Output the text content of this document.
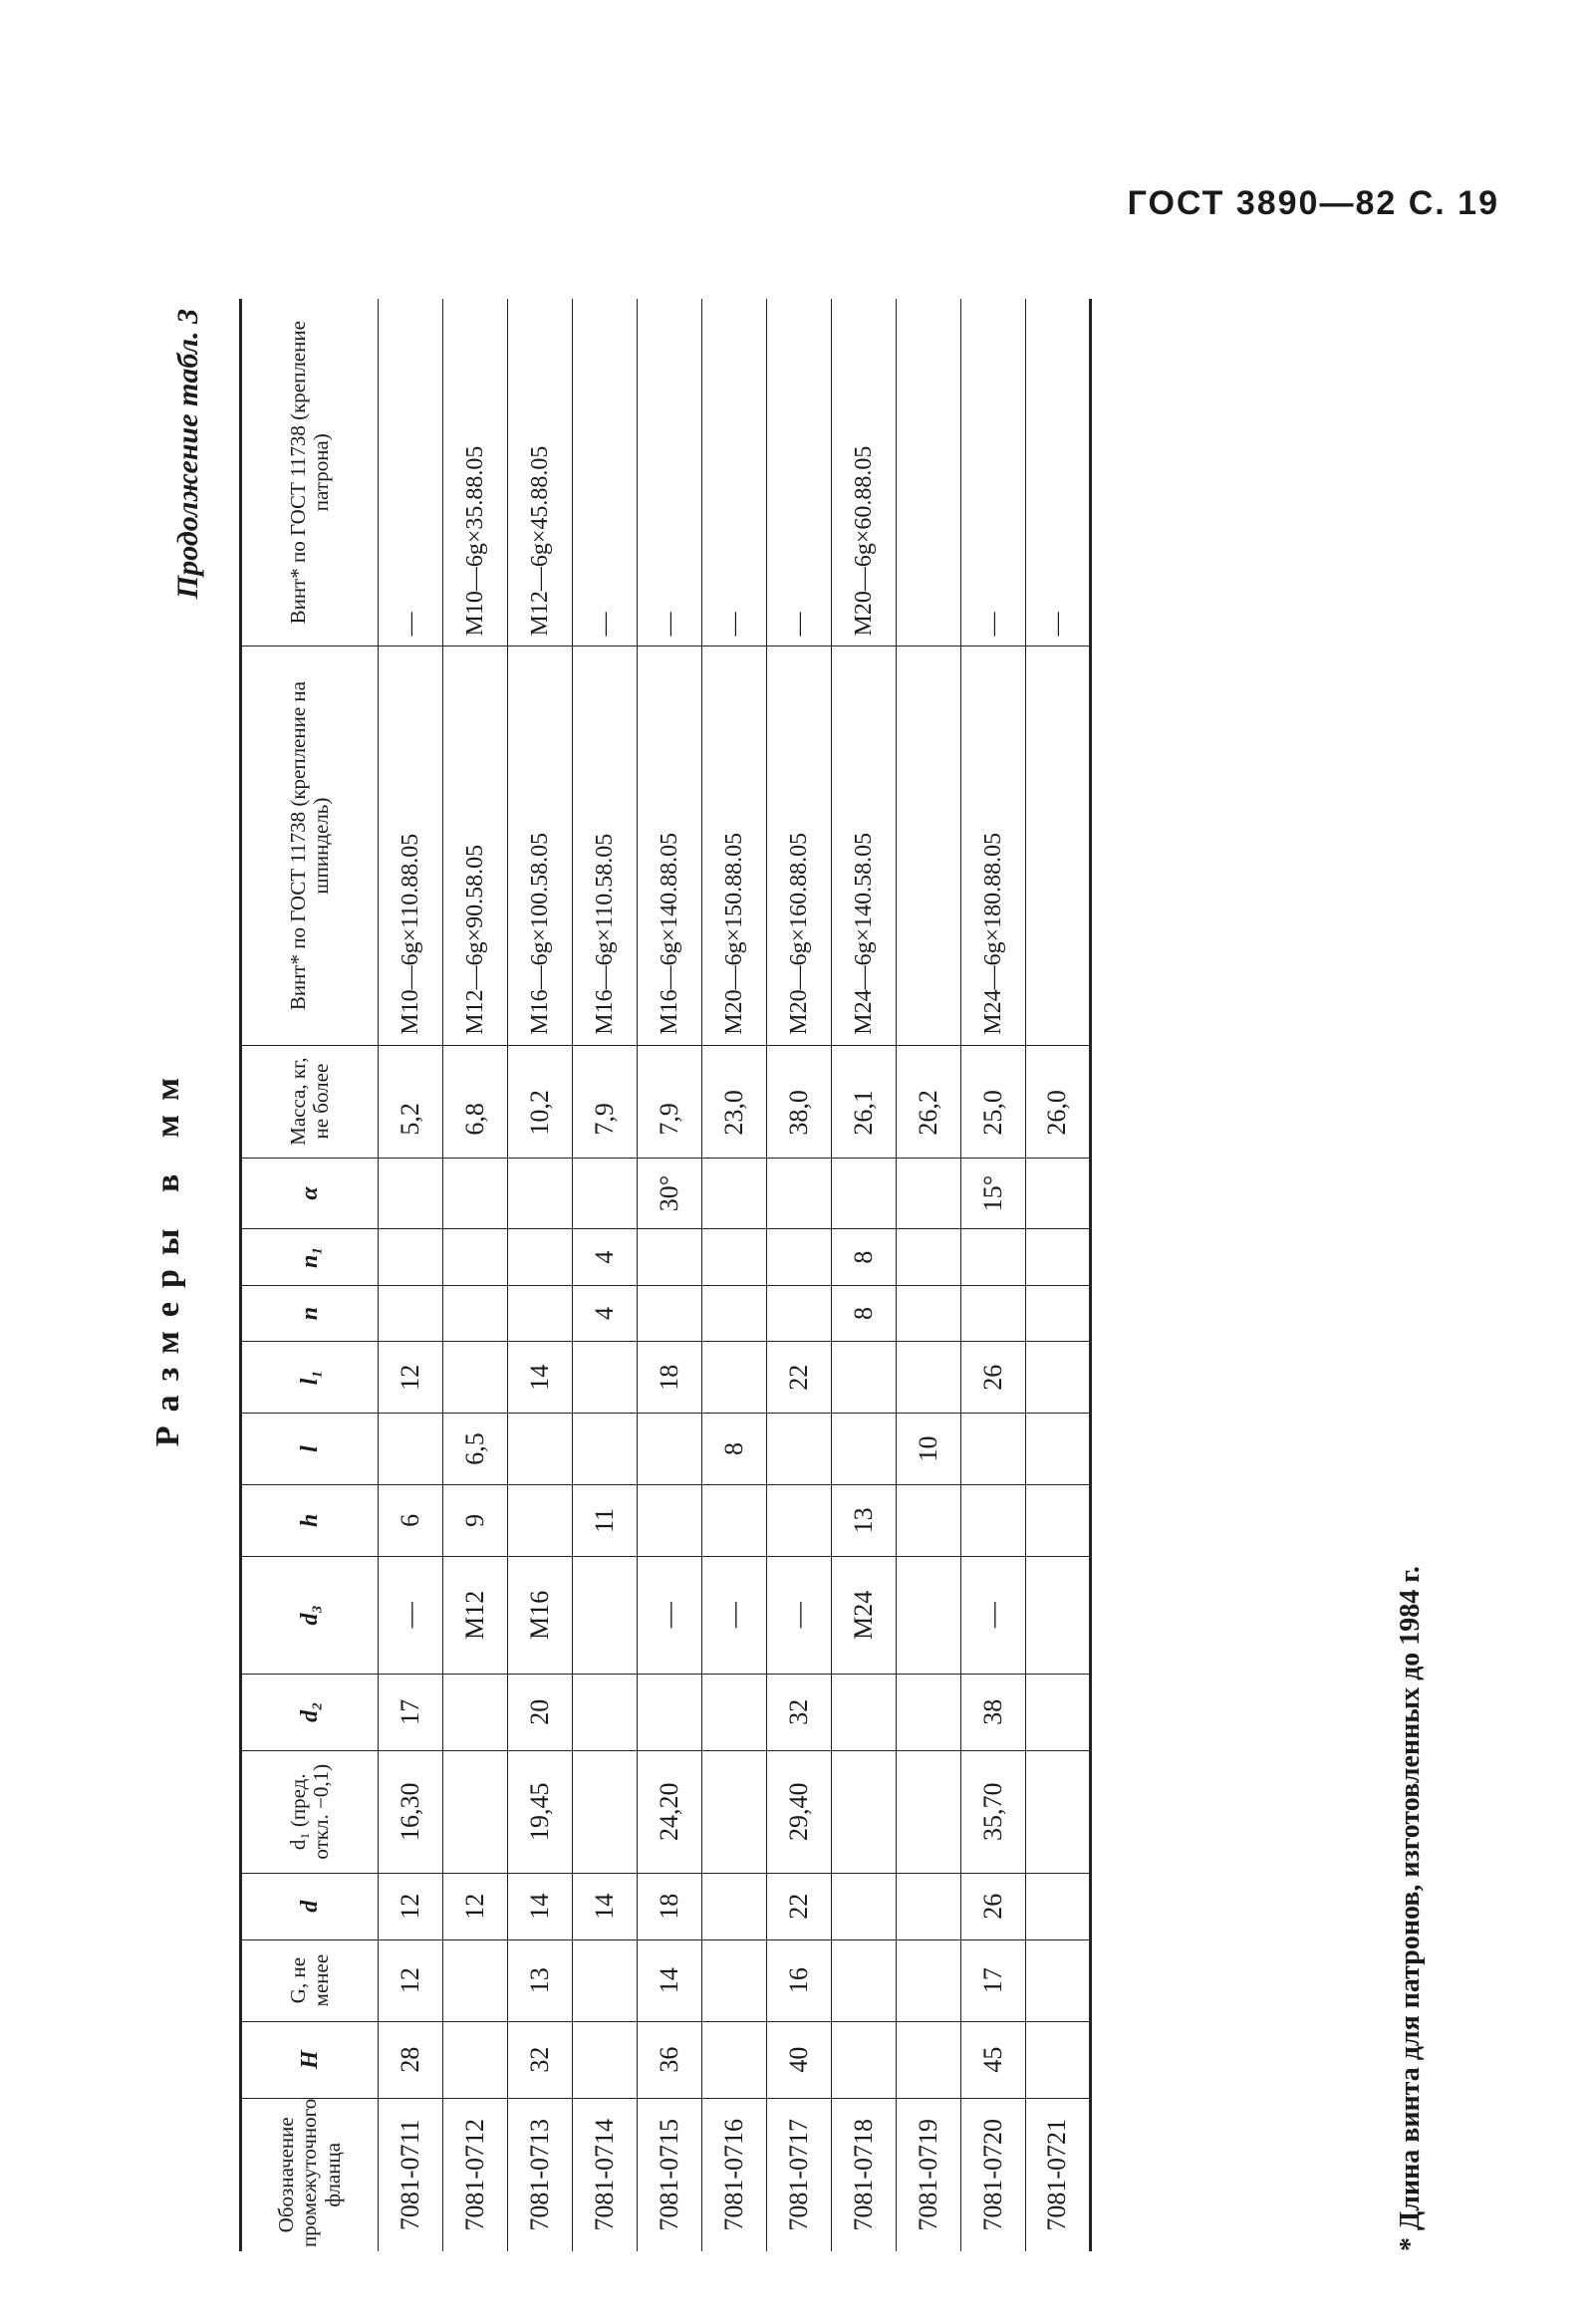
ГОСТ 3890—82 С. 19
Размеры в мм
Продолжение табл. 3
Обозначение промежуточного фланца	H	G, не менее	d	d₁ (пред. откл. −0,1)	d₂	d₃	h	l	l₁	n	n₁	α	Масса, кг, не более	Винт* по ГОСТ 11738 (крепление на шпиндель)	Винт* по ГОСТ 11738 (крепление патрона)
7081-0711	28	12	12	16,30	17	—	6		12				5,2	M10—6g×110.88.05	—
7081-0712			12			M12	9	6,5					6,8	M12—6g×90.58.05	M10—6g×35.88.05
7081-0713	32	13	14	19,45	20	M16			14				10,2	M16—6g×100.58.05	M12—6g×45.88.05
7081-0714			14				11			4	4		7,9	M16—6g×110.58.05	—
7081-0715	36	14	18	24,20		—			18			30°	7,9	M16—6g×140.88.05	—
7081-0716						—		8					23,0	M20—6g×150.88.05	—
7081-0717	40	16	22	29,40	32	—			22				38,0	M20—6g×160.88.05	—
7081-0718						M24	13			8	8		26,1	M24—6g×140.58.05	M20—6g×60.88.05
7081-0719								10					26,2		
7081-0720	45	17	26	35,70	38	—			26			15°	25,0	M24—6g×180.88.05	—
7081-0721													26,0		—
* Длина винта для патронов, изготовленных до 1984 г.
